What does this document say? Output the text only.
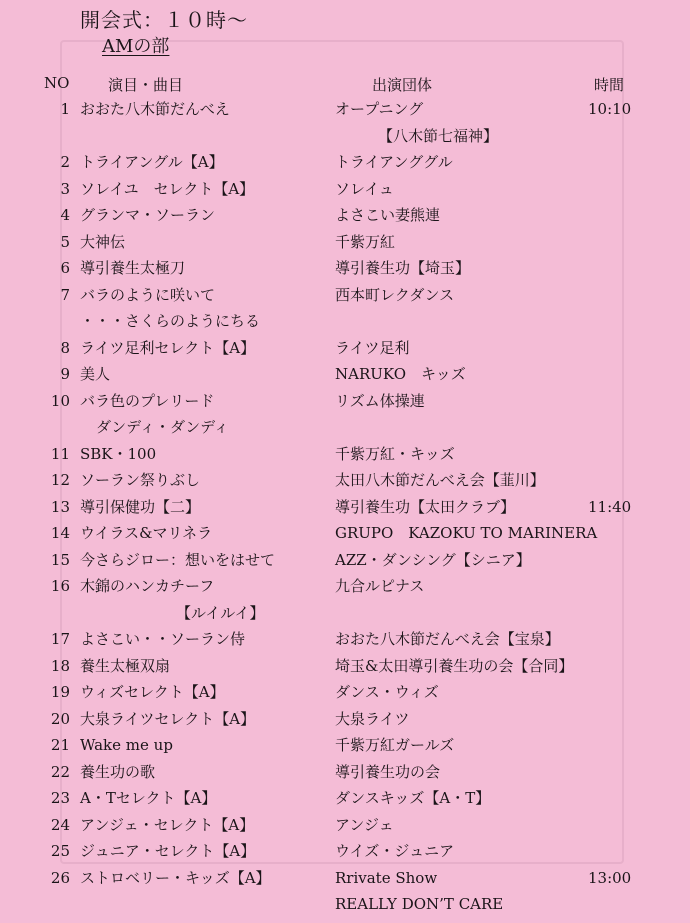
開会式：１０時～
AMの部
NO	演目・曲目	出演団体	時間
1 おおた八木節だんべえ	オープニング	10:10
【八木節七福神】
2 トライアングル【A】	トライアンググル
3 ソレイユ　セレクト【A】	ソレイュ
4 グランマ・ソーラン	よさこい妻熊連
5 大神伝	千紫万紅
6 導引養生太極刀	導引養生功【埼玉】
7 バラのように咲いて	西本町レクダンス
・・・さくらのようにちる
8 ライツ足利セレクト【A】	ライツ足利
9 美人	NARUKO　キッズ
10 バラ色のプレリード	リズム体操連
ダンディ・ダンディ
11 SBK・100	千紫万紅・キッズ
12 ソーラン祭りぶし	太田八木節だんべえ会【韮川】
13 導引保健功【二】	導引養生功【太田クラブ】	11:40
14 ウイラス&マリネラ	GRUPO　KAZOKU TO MARINERA
15 今さらジロー：想いをはせて	AZZ・ダンシング【シニア】
16 木錦のハンカチーフ	九合ルピナス
【ルイルイ】
17 よさこい・・ソーラン侍	おおた八木節だんべえ会【宝泉】
18 養生太極双扇	埼玉&太田導引養生功の会【合同】
19 ウィズセレクト【A】	ダンス・ウィズ
20 大泉ライツセレクト【A】	大泉ライツ
21 Wake me up	千紫万紅ガールズ
22 養生功の歌	導引養生功の会
23 A・Tセレクト【A】	ダンスキッズ【A・T】
24 アンジェ・セレクト【A】	アンジェ
25 ジュニア・セレクト【A】	ウイズ・ジュニア
26 ストロベリー・キッズ【A】	Rrivate Show	13:00
REALLY DON’T CARE
